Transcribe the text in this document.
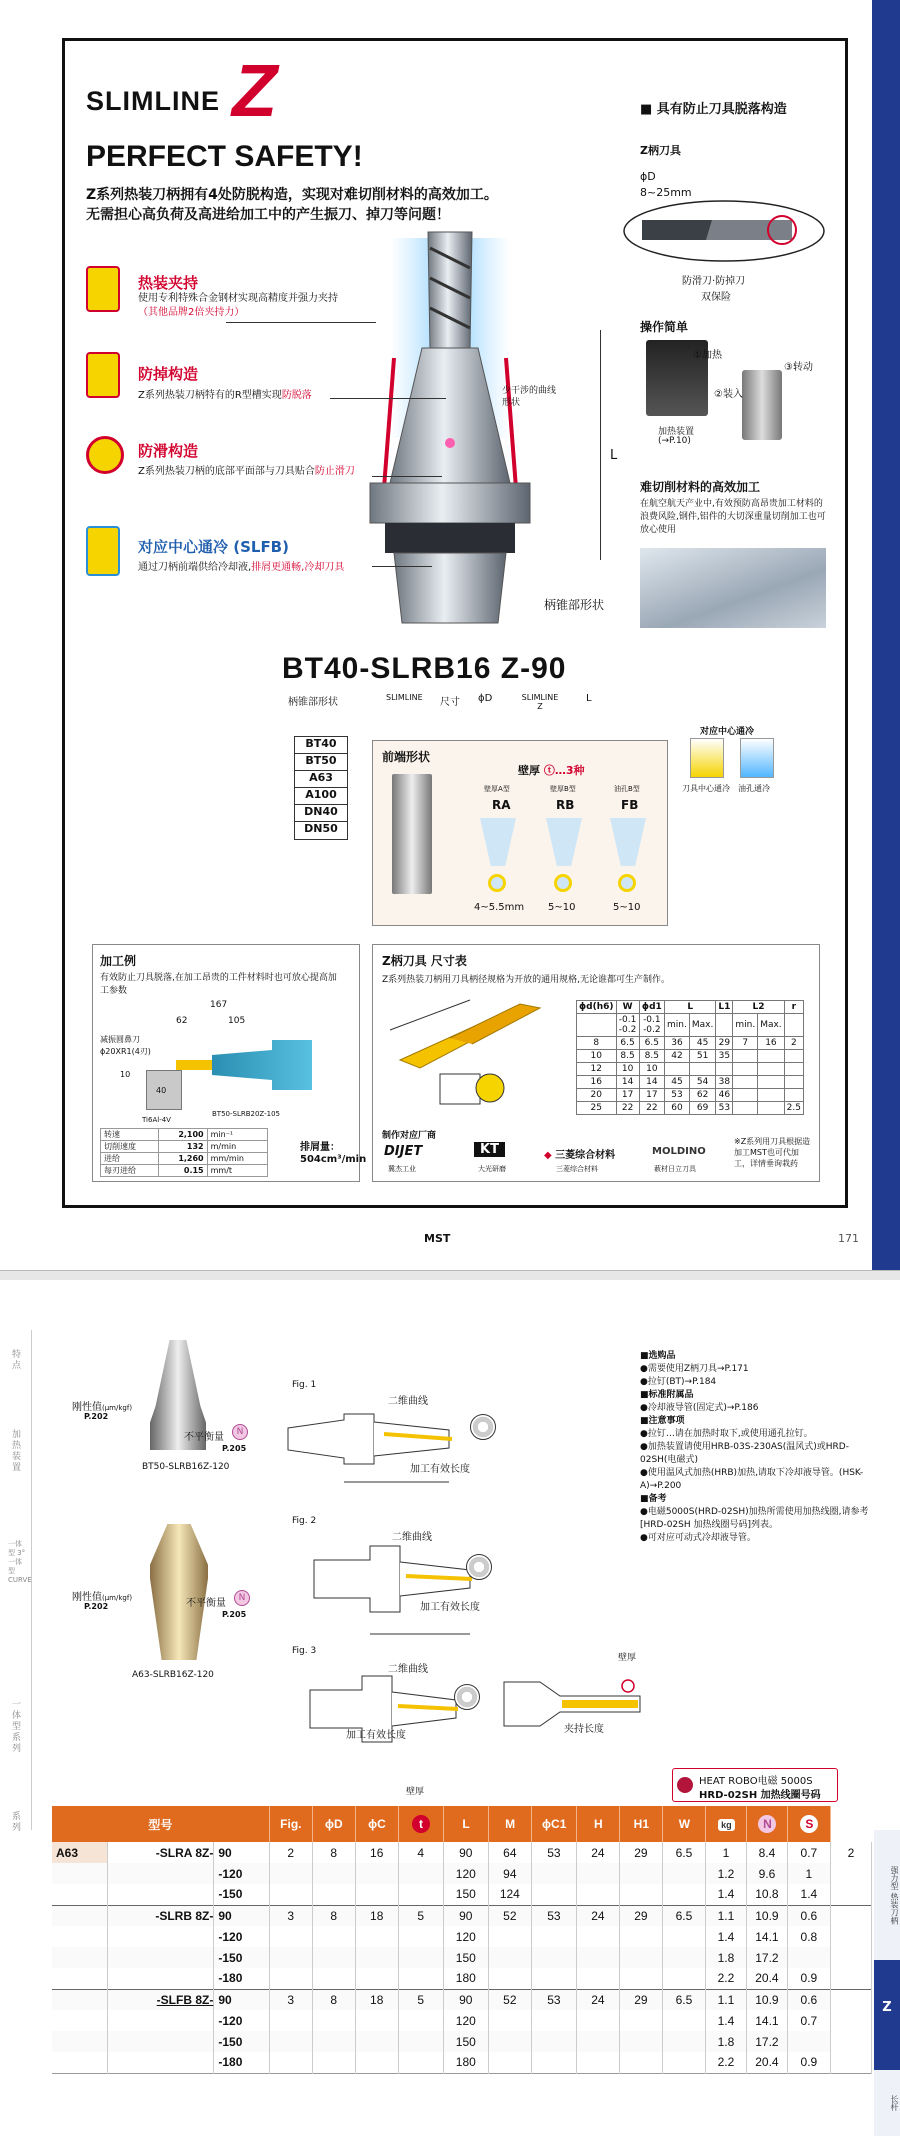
SLIMLINE Z
PERFECT SAFETY!
Z系列热装刀柄拥有4处防脱构造，实现对难切削材料的高效加工。
无需担心高负荷及高进给加工中的产生振刀、掉刀等问题！
热装夹持
使用专利特殊合金钢材实现高精度并强力夹持（其他品牌2倍夹持力）
防掉构造
Z系列热装刀柄特有的R型槽实现防脱落
防滑构造
Z系列热装刀柄的底部平面部与刀具贴合防止滑刀
对应中心通冷 (SLFB)
通过刀柄前端供给冷却液,排屑更通畅,冷却刀具
少干涉的曲线形状
L
柄锥部形状
■ 具有防止刀具脱落构造
Z柄刀具
ϕD
8~25mm
防滑刀·防掉刀
双保险
操作简单
①加热
②装入
③转动
加热装置
(→P.10)
难切削材料的高效加工
在航空航天产业中,有效预防高昂贵加工材料的浪费风险,钢件,铝件的大切深重量切削加工也可放心使用
BT40-SLRB16 Z-90
柄锥部形状	SLIMLINE 尺寸 ϕD	SLIMLINE Z
L
BT40
BT50
A63
A100
DN40
DN50
前端形状
壁厚 ⓣ…3种
壁厚A型	壁厚B型	油孔B型
RA	RB	FB
4~5.5mm 5~10	5~10
对应中心通冷
刀具中心通冷 油孔通冷
加工例
有效防止刀具脱落,在加工昂贵的工件材料时也可放心提高加工参数
167
62	105
减振圆鼻刀
ϕ20XR1(4刃)
10
40
Ti6Al-4V
BT50-SLRB20Z-105
转速	2,100	min⁻¹
切削速度	132	m/min
进给	1,260	mm/min
每刃进给	0.15	mm/t
排屑量：
504cm³/min
Z柄刀具 尺寸表
Z系列热装刀柄用刀具柄径规格为开放的通用规格,无论谁都可生产制作。
ϕd(h6)	W	ϕd1	L		L1	L2		r
	-0.1 -0.2	-0.1 -0.2	min.	Max.		min.	Max.	
8	6.5	6.5	36	45	29	7	16	2
10	8.5	8.5	42	51	35			
12	10	10						
16	14	14	45	54	38			
20	17	17	53	62	46			
25	22	22	60	69	53			2.5
制作对应厂商
DIJET	KT	◆ 三菱综合材料	MOLDINO
冀杰工业	大光研磨	三菱综合材料	薮材日立刀具
※Z系列用刀具根据造加工MST也可代加工，详情垂询栽药
MST	171
特点
加热装置
一体型 3° 一体型 CURVE
一体型系列
系列
刚性值(μm/kgf)
P.202
不平衡量	N
P.205
BT50-SLRB16Z-120
刚性值(μm/kgf)
P.202	不平衡量	N
P.205
A63-SLRB16Z-120
Fig. 1
二维曲线
加工有效长度
Fig. 2
二维曲线
加工有效长度
Fig. 3
二维曲线
加工有效长度
壁厚
夹持长度
■选购品
●需要使用Z柄刀具→P.171
●拉钉(BT)→P.184
■标准附属品
●冷却液导管(固定式)→P.186
■注意事项
●拉钉…请在加热时取下,或使用通孔拉钉。
●加热装置请使用HRB-03S-230AS(温风式)或HRD-02SH(电磁式)
●使用温风式加热(HRB)加热,请取下冷却液导管。(HSK-A)→P.200
■备考
●电磁5000S(HRD-02SH)加热所需使用加热线圈,请参考[HRD-02SH 加热线圈号码]列表。
●可对应可动式冷却液导管。
HEAT ROBO电磁 5000S
HRD-02SH 加热线圈号码
壁厚
型号	Fig.	ϕD	ϕC	t	L	M	ϕC1	H	H1	W	kg	N	S	
A63	-SLRA 8Z-	90	2	8	16	4	90	64	53	24	29	6.5	1	8.4	0.7	2
		-120					120	94					1.2	9.6	1	
		-150					150	124					1.4	10.8	1.4	
	-SLRB 8Z-	90	3	8	18	5	90	52	53	24	29	6.5	1.1	10.9	0.6	
		-120					120						1.4	14.1	0.8	
		-150					150						1.8	17.2		
		-180					180						2.2	20.4	0.9	
	-SLFB 8Z-	90	3	8	18	5	90	52	53	24	29	6.5	1.1	10.9	0.6	
		-120					120						1.4	14.1	0.7	
		-150					150						1.8	17.2		
		-180					180						2.2	20.4	0.9	
强力型 热装刀柄
Z
长杆
